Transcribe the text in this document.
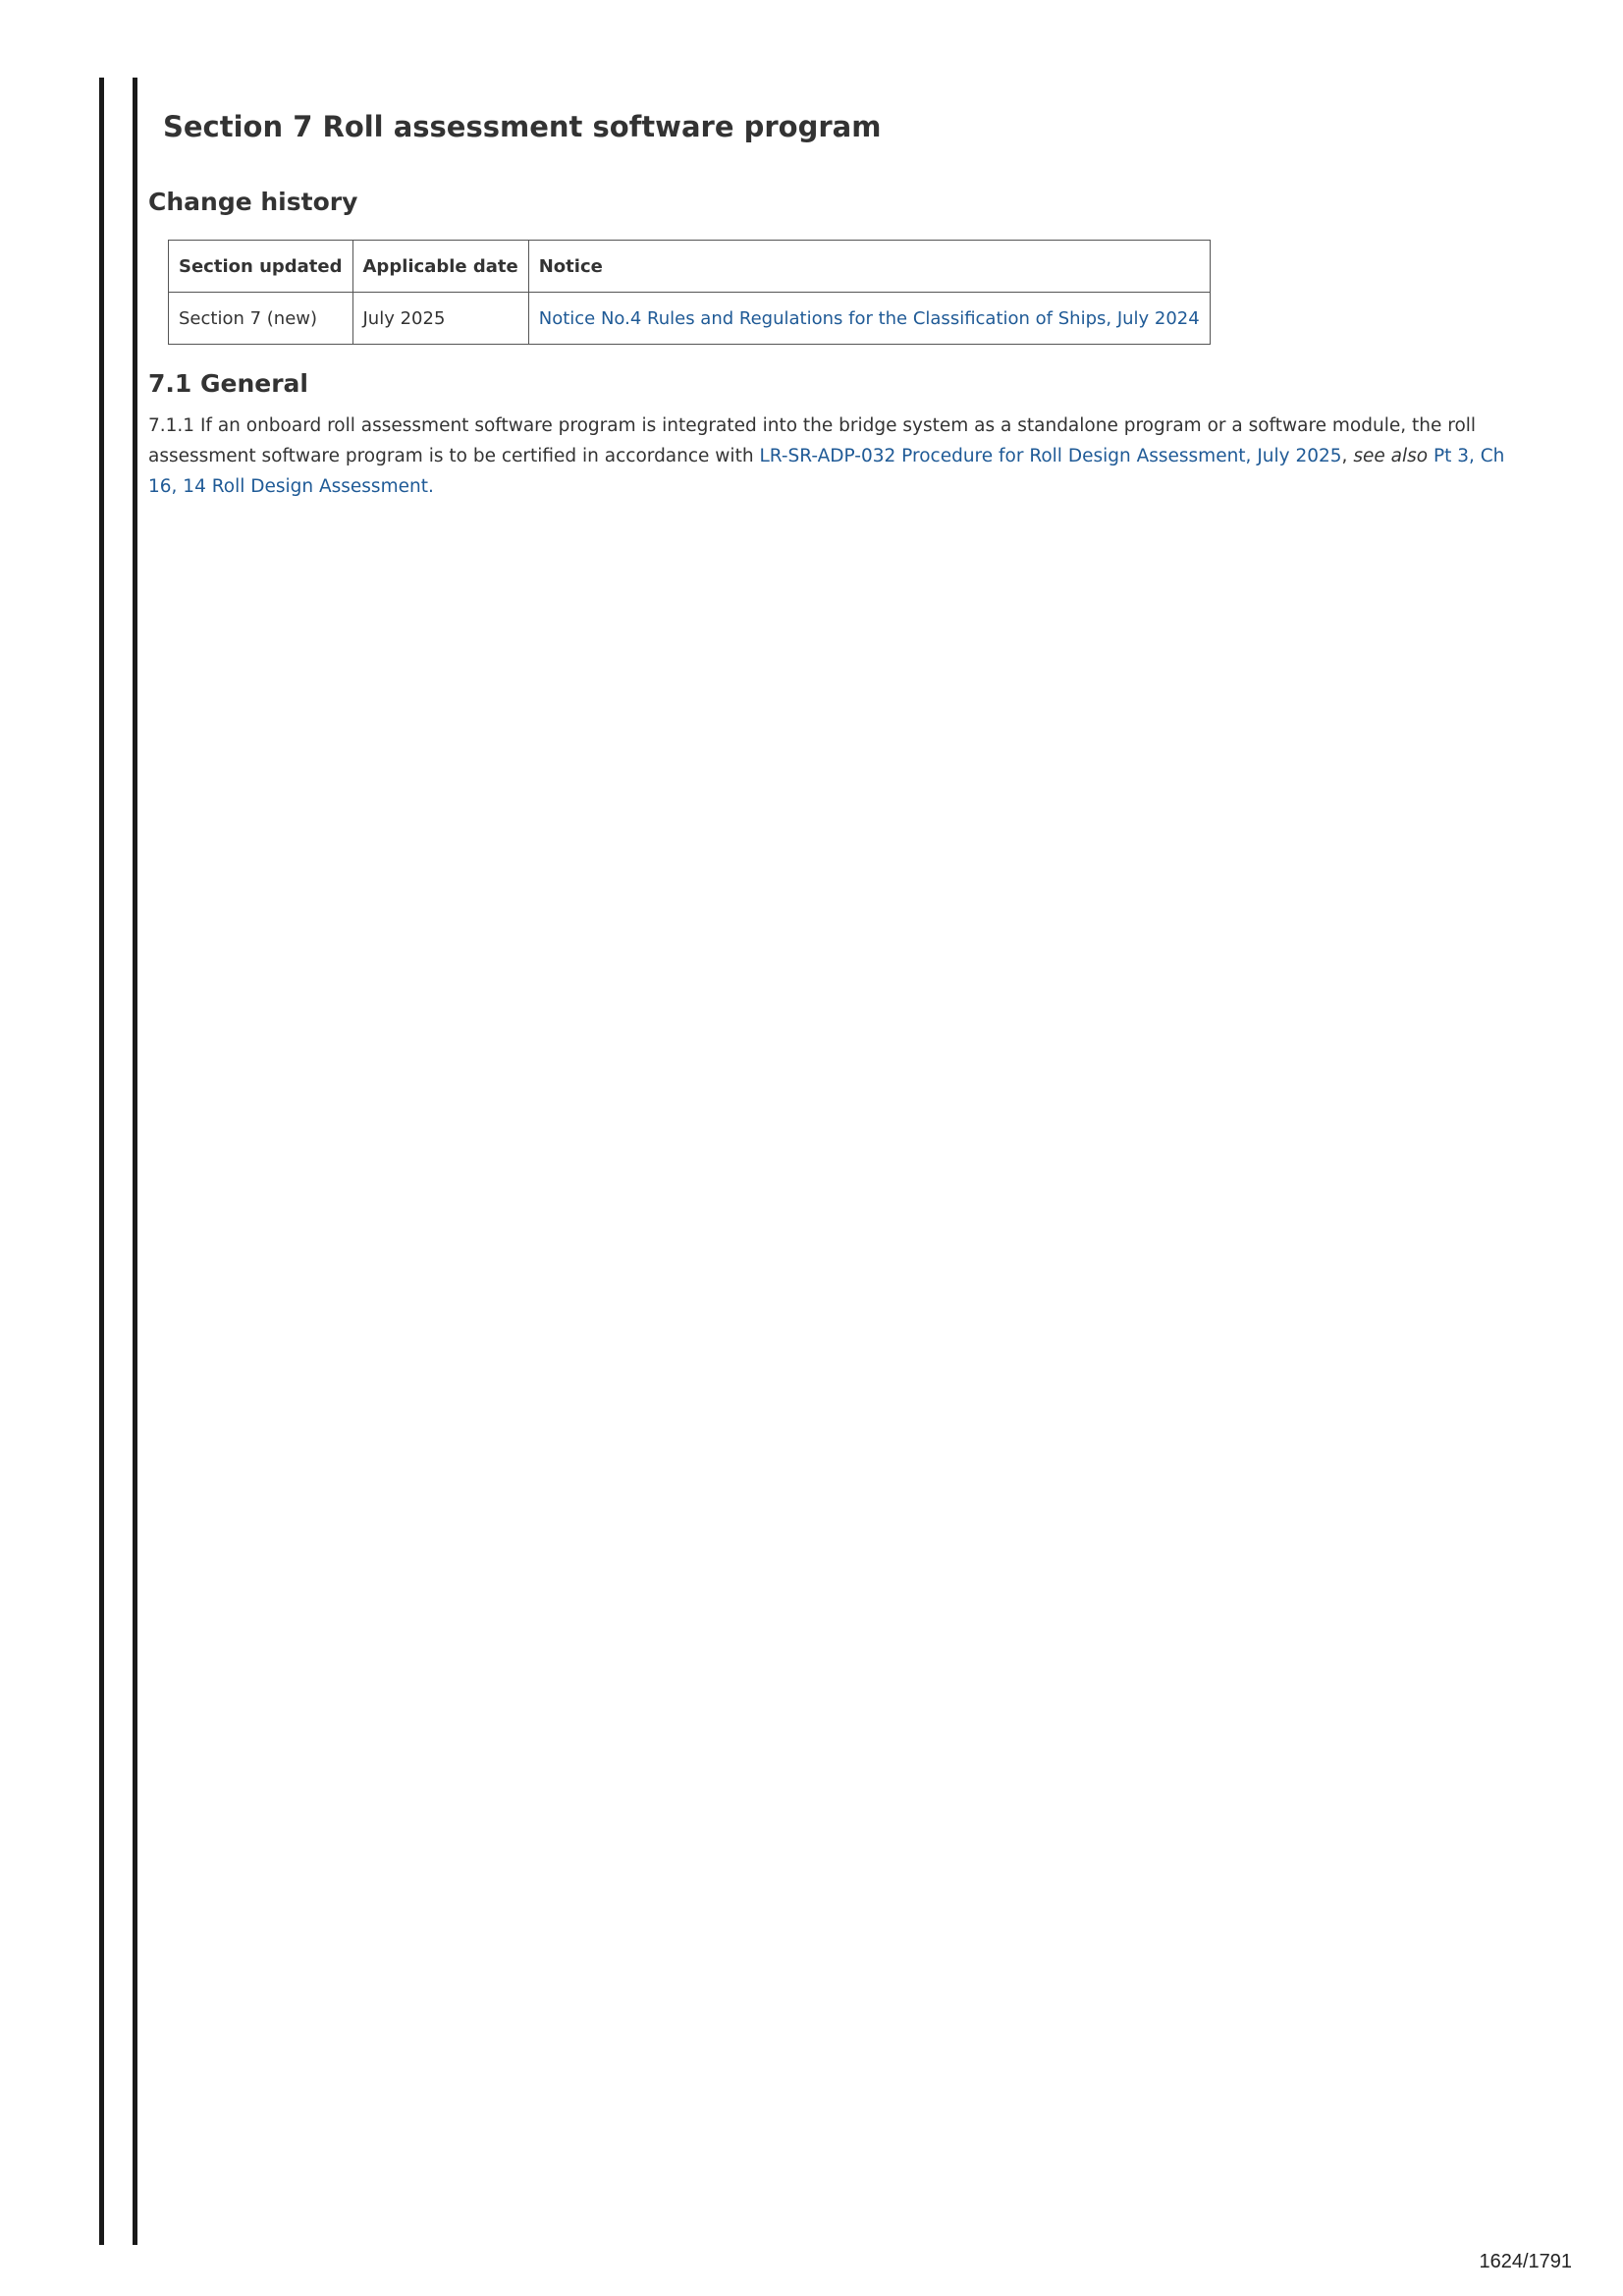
Section 7 Roll assessment software program
Change history
Section updated	Applicable date	Notice
Section 7 (new)	July 2025	Notice No.4 Rules and Regulations for the Classification of Ships, July 2024
7.1 General

7.1.1 If an onboard roll assessment software program is integrated into the bridge system as a standalone program or a software module, the roll assessment software program is to be certified in accordance with LR-SR-ADP-032 Procedure for Roll Design Assessment, July 2025, see also Pt 3, Ch 16, 14 Roll Design Assessment.

1624/1791
